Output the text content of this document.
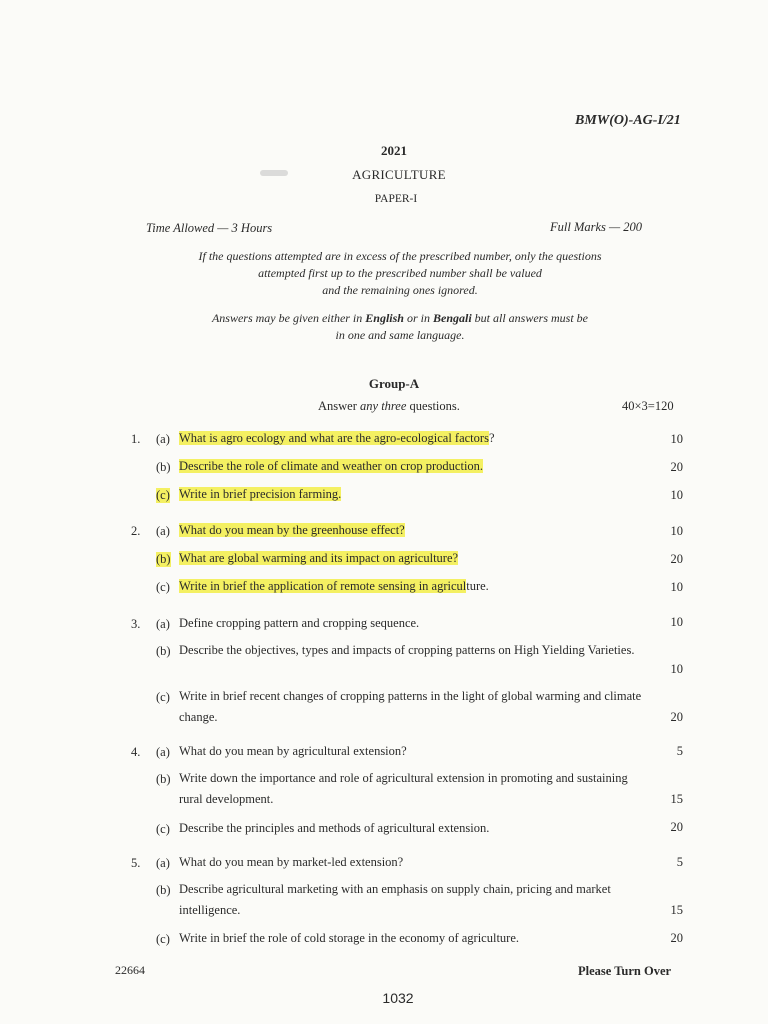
BMW(O)-AG-I/21
2021
AGRICULTURE
PAPER-I
Time Allowed — 3 Hours	Full Marks — 200
If the questions attempted are in excess of the prescribed number, only the questions
attempted first up to the prescribed number shall be valued
and the remaining ones ignored.
Answers may be given either in English or in Bengali but all answers must be
in one and same language.
Group-A
Answer any three questions.	40×3=120
1. (a) What is agro ecology and what are the agro-ecological factors?	10
(b) Describe the role of climate and weather on crop production.	20
(c) Write in brief precision farming.	10
2. (a) What do you mean by the greenhouse effect?	10
(b) What are global warming and its impact on agriculture?	20
(c) Write in brief the application of remote sensing in agriculture.	10
3. (a) Define cropping pattern and cropping sequence.	10
(b) Describe the objectives, types and impacts of cropping patterns on High Yielding Varieties.
10
(c) Write in brief recent changes of cropping patterns in the light of global warming and climate
change.	20
4. (a) What do you mean by agricultural extension?	5
(b) Write down the importance and role of agricultural extension in promoting and sustaining
rural development.	15
(c) Describe the principles and methods of agricultural extension.	20
5. (a) What do you mean by market-led extension?	5
(b) Describe agricultural marketing with an emphasis on supply chain, pricing and market
intelligence.	15
(c) Write in brief the role of cold storage in the economy of agriculture.	20
22664	Please Turn Over
1032
